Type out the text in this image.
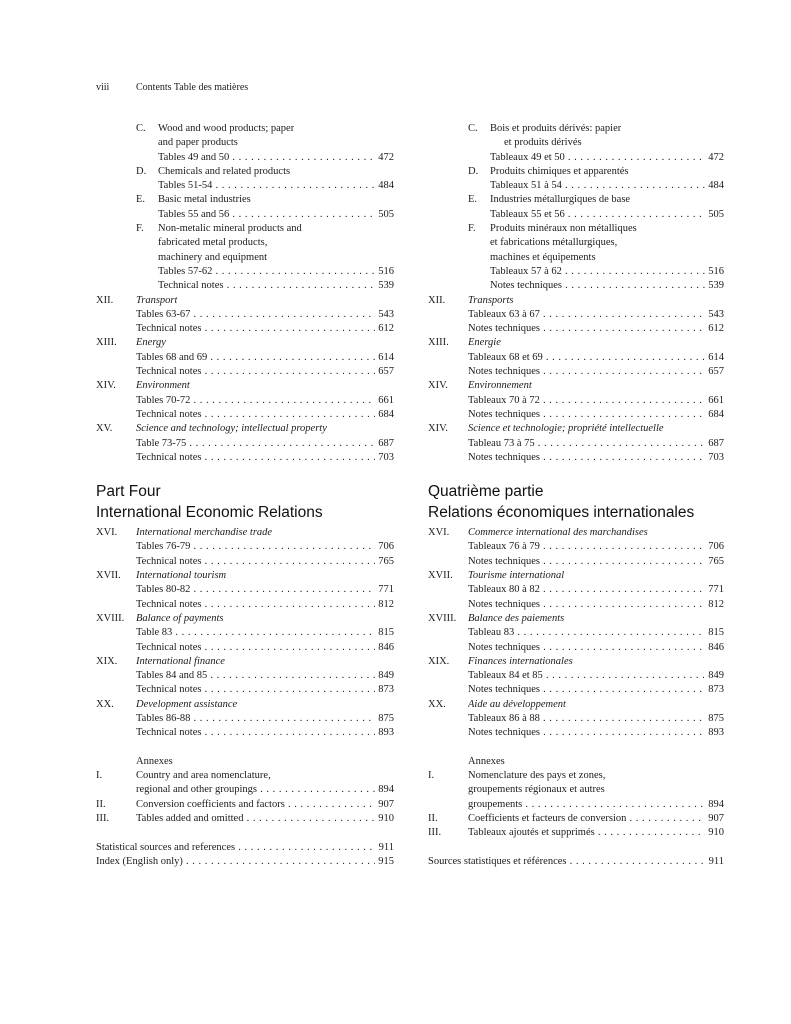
viii	Contents Table des matières
C. Wood and wood products; paper
and paper products
Tables 49 and 50 . . .	472
D. Chemicals and related products
Tables 51-54 . . .	484
E. Basic metal industries
Tables 55 and 56 . . .	505
F. Non-metalic mineral products and
fabricated metal products,
machinery and equipment
Tables 57-62 . . .	516
Technical notes . . .	539
XII. Transport
Tables 63-67 . . .	543
Technical notes . . .	612
XIII. Energy
Tables 68 and 69 . . .	614
Technical notes . . .	657
XIV. Environment
Tables 70-72 . . .	661
Technical notes . . .	684
XV. Science and technology; intellectual property
Table 73-75 . . .	687
Technical notes . . .	703
Part Four
International Economic Relations
XVI. International merchandise trade
Tables 76-79 . . .	706
Technical notes . . .	765
XVII. International tourism
Tables 80-82 . . .	771
Technical notes . . .	812
XVIII. Balance of payments
Table 83 . . .	815
Technical notes . . .	846
XIX. International finance
Tables 84 and 85 . . .	849
Technical notes . . .	873
XX. Development assistance
Tables 86-88 . . .	875
Technical notes . . .	893
Annexes
I.	Country and area nomenclature,
regional and other groupings . . .	894
II.	Conversion coefficients and factors . . .	907
III.	Tables added and omitted . . .	910
Statistical sources and references . . .	911
Index (English only) . . .	915
C. Bois et produits dérivés: papier
et produits dérivés
Tableaux 49 et 50 . . .	472
D. Produits chimiques et apparentés
Tableaux 51 à 54 . . .	484
E. Industries métallurgiques de base
Tableaux 55 et 56 . . .	505
F. Produits minéraux non métalliques
et fabrications métallurgiques,
machines et équipements
Tableaux 57 à 62 . . .	516
Notes techniques . . .	539
XII. Transports
Tableaux 63 à 67 . . .	543
Notes techniques . . .	612
XIII. Energie
Tableaux 68 et 69 . . .	614
Notes techniques . . .	657
XIV. Environnement
Tableaux 70 à 72 . . .	661
Notes techniques . . .	684
XIV. Science et technologie; propriété intellectuelle
Tableau 73 à 75 . . .	687
Notes techniques . . .	703
Quatrième partie
Relations économiques internationales
XVI. Commerce international des marchandises
Tableaux 76 à 79 . . .	706
Notes techniques . . .	765
XVII. Tourisme international
Tableaux 80 à 82 . . .	771
Notes techniques . . .	812
XVIII. Balance des paiements
Tableau 83 . . .	815
Notes techniques . . .	846
XIX. Finances internationales
Tableaux 84 et 85 . . .	849
Notes techniques . . .	873
XX. Aide au développement
Tableaux 86 à 88 . . .	875
Notes techniques . . .	893
Annexes
I.	Nomenclature des pays et zones,
groupements régionaux et autres
groupements . . .	894
II.	Coefficients et facteurs de conversion . . .	907
III.	Tableaux ajoutés et supprimés . . .	910
Sources statistiques et références . . .	911
